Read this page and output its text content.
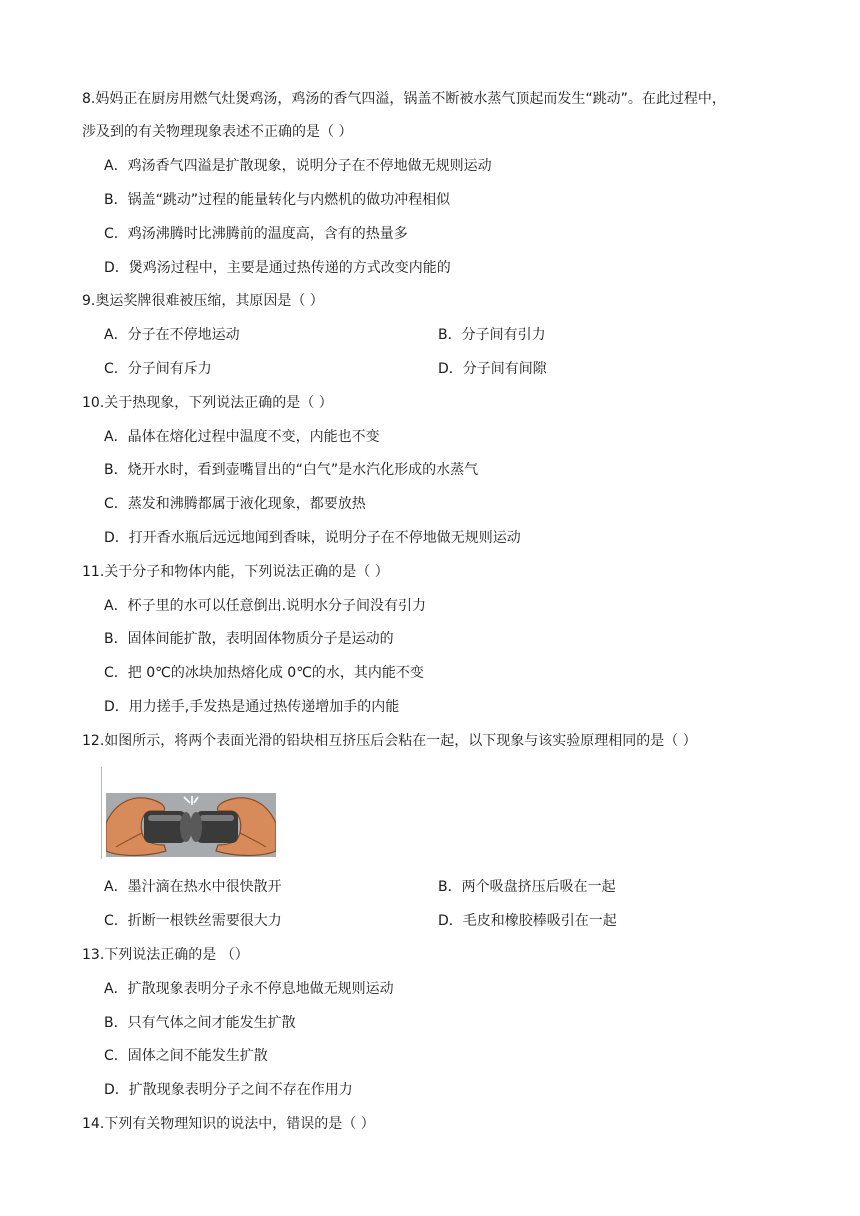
8.妈妈正在厨房用燃气灶煲鸡汤，鸡汤的香气四溢，锅盖不断被水蒸气顶起而发生“跳动”。在此过程中，
涉及到的有关物理现象表述不正确的是（ ）
A．鸡汤香气四溢是扩散现象，说明分子在不停地做无规则运动
B．锅盖“跳动”过程的能量转化与内燃机的做功冲程相似
C．鸡汤沸腾时比沸腾前的温度高，含有的热量多
D．煲鸡汤过程中，主要是通过热传递的方式改变内能的
9.奥运奖牌很难被压缩，其原因是（ ）
A．分子在不停地运动	B．分子间有引力
C．分子间有斥力	D．分子间有间隙
10.关于热现象，下列说法正确的是（ ）
A．晶体在熔化过程中温度不变，内能也不变
B．烧开水时，看到壶嘴冒出的“白气”是水汽化形成的水蒸气
C．蒸发和沸腾都属于液化现象，都要放热
D．打开香水瓶后远远地闻到香味，说明分子在不停地做无规则运动
11.关于分子和物体内能，下列说法正确的是（ ）
A．杯子里的水可以任意倒出.说明水分子间没有引力
B．固体间能扩散，表明固体物质分子是运动的
C．把 0℃的冰块加热熔化成 0℃的水，其内能不变
D．用力搓手,手发热是通过热传递增加手的内能
12.如图所示，将两个表面光滑的铅块相互挤压后会粘在一起，以下现象与该实验原理相同的是（ ）
A．墨汁滴在热水中很快散开	B．两个吸盘挤压后吸在一起
C．折断一根铁丝需要很大力	D．毛皮和橡胶棒吸引在一起
13.下列说法正确的是 （）
A．扩散现象表明分子永不停息地做无规则运动
B．只有气体之间才能发生扩散
C．固体之间不能发生扩散
D．扩散现象表明分子之间不存在作用力
14.下列有关物理知识的说法中，错误的是（ ）
